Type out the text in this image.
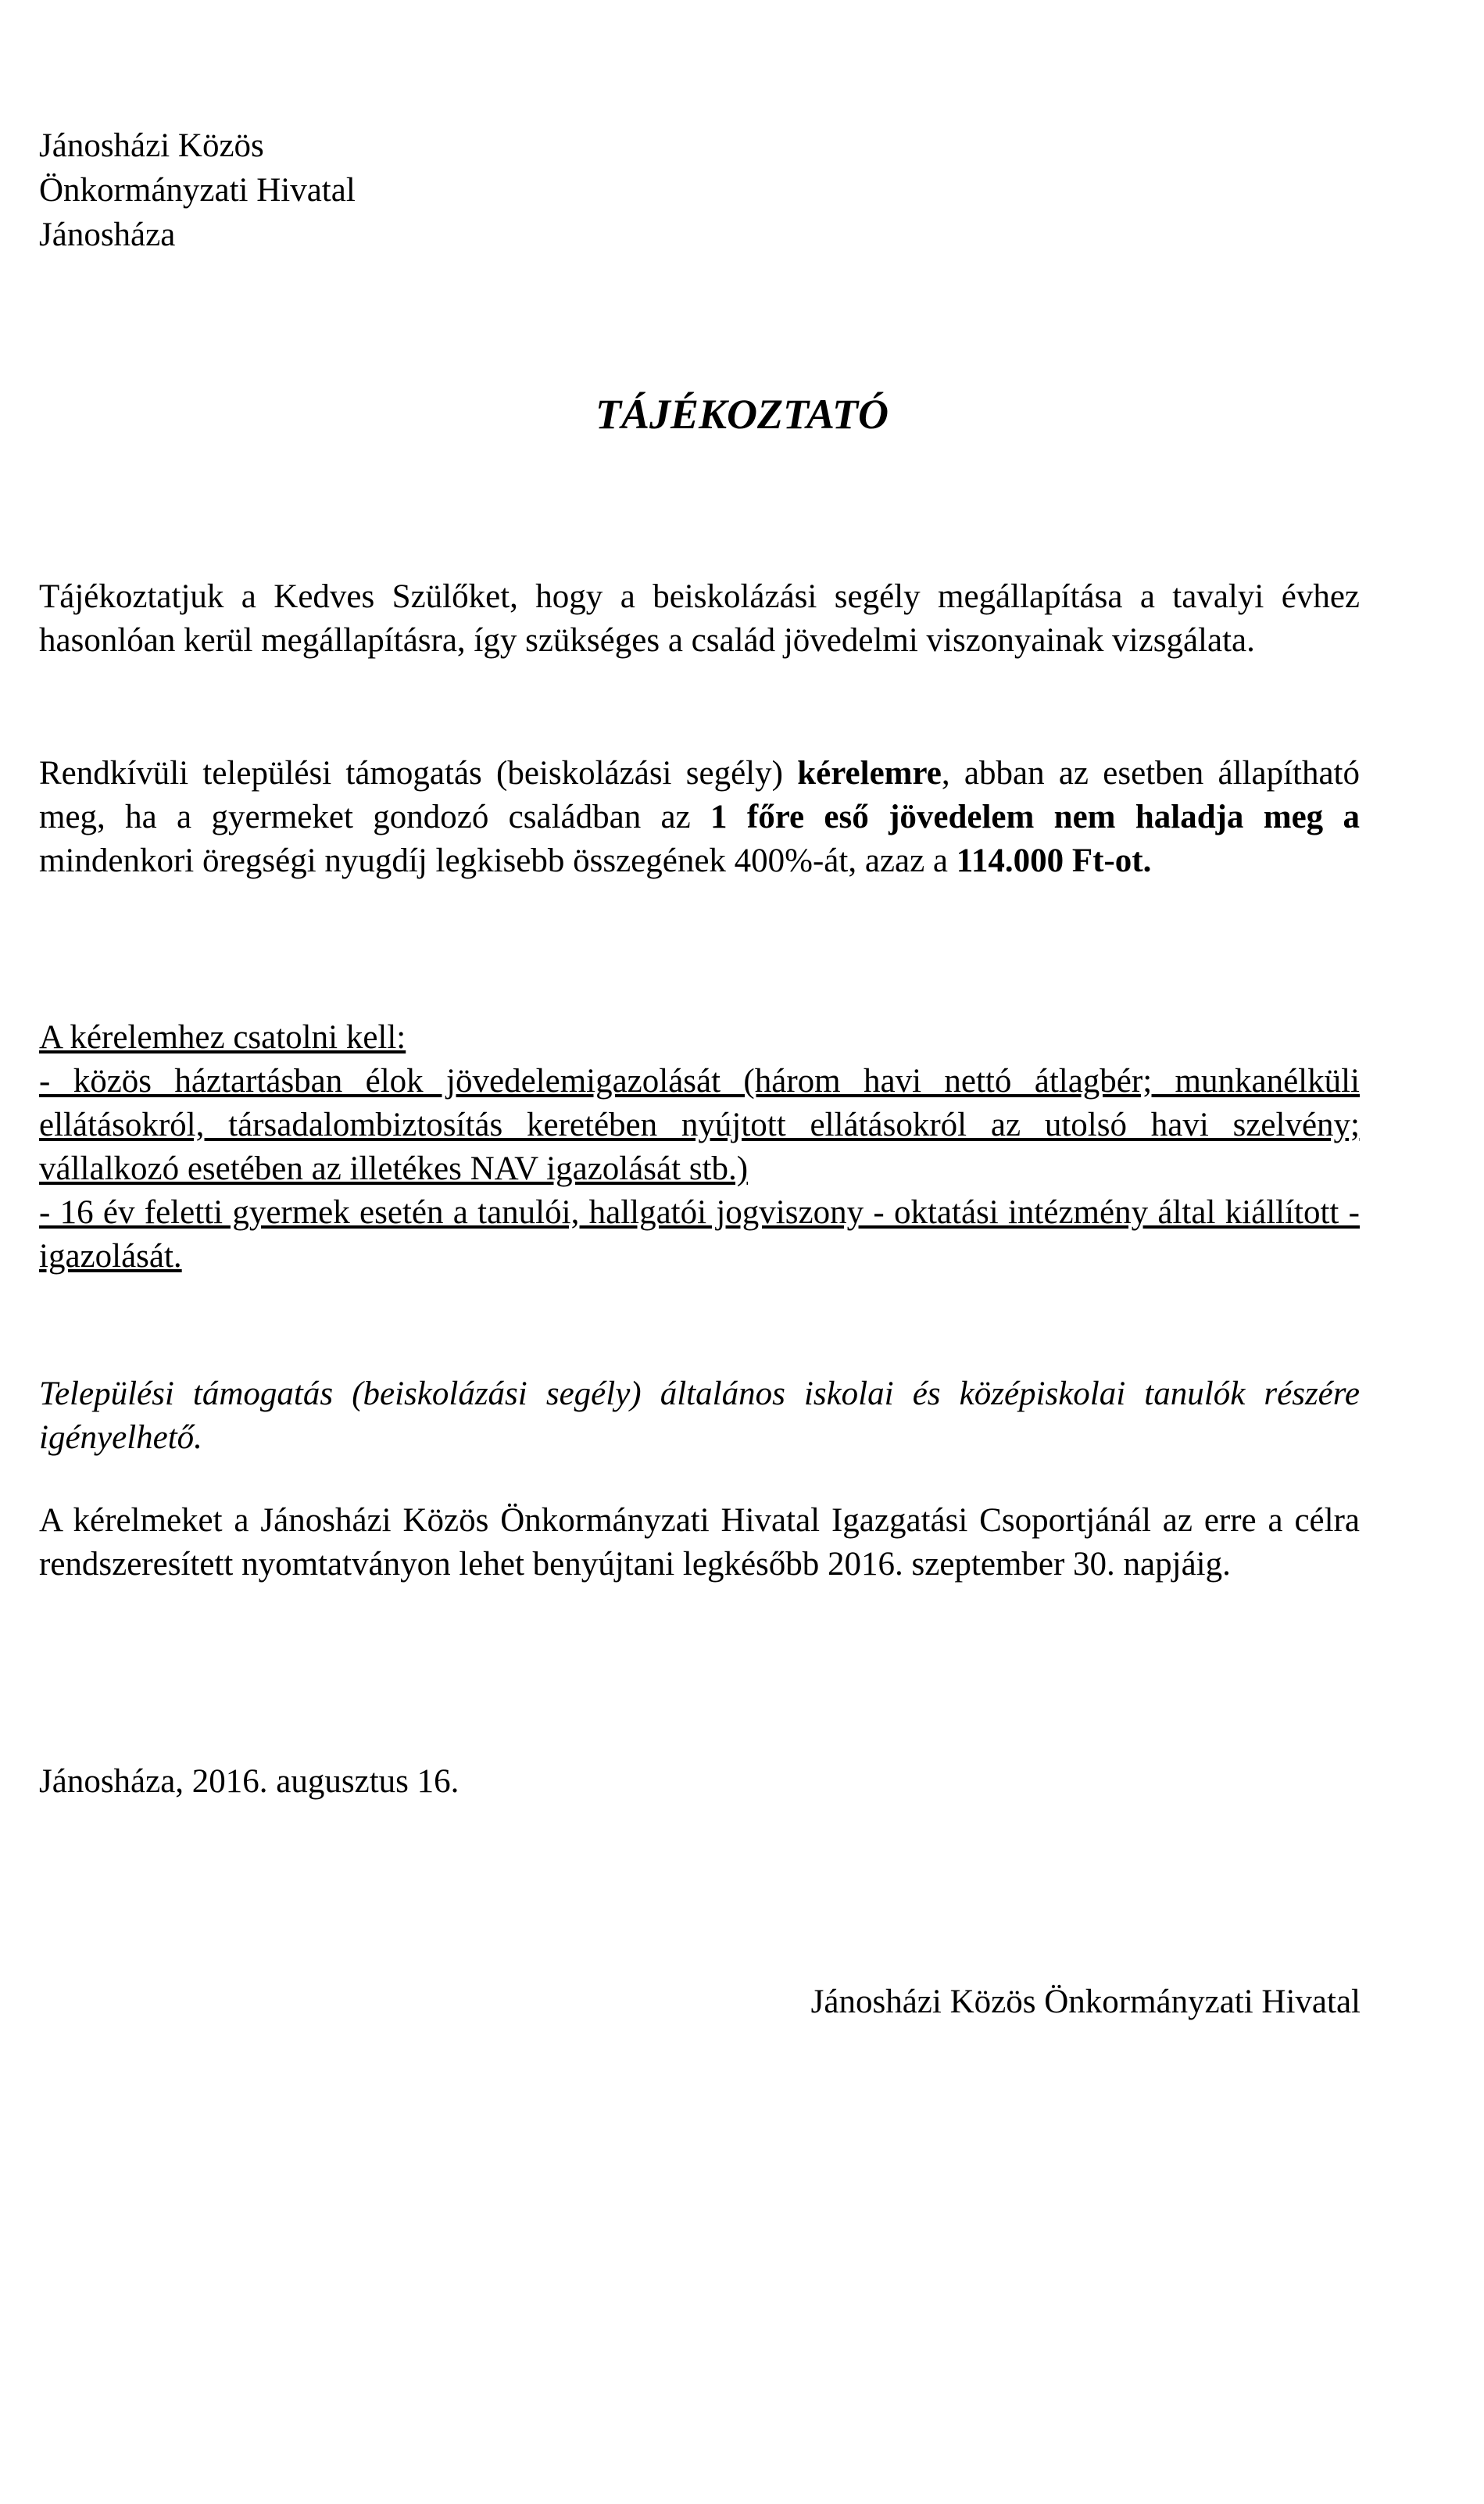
Jánosházi Közös
Önkormányzati Hivatal
Jánosháza
TÁJÉKOZTATÓ
Tájékoztatjuk a Kedves Szülőket, hogy a beiskolázási segély megállapítása a tavalyi évhez hasonlóan kerül megállapításra, így szükséges a család jövedelmi viszonyainak vizsgálata.
Rendkívüli települési támogatás (beiskolázási segély) kérelemre, abban az esetben állapítható meg, ha a gyermeket gondozó családban az 1 főre eső jövedelem nem haladja meg a mindenkori öregségi nyugdíj legkisebb összegének 400%-át, azaz a 114.000 Ft-ot.
A kérelemhez csatolni kell:
- közös háztartásban élok jövedelemigazolását (három havi nettó átlagbér; munkanélküli ellátásokról, társadalombiztosítás keretében nyújtott ellátásokról az utolsó havi szelvény; vállalkozó esetében az illetékes NAV igazolását stb.)
- 16 év feletti gyermek esetén a tanulói, hallgatói jogviszony - oktatási intézmény által kiállított - igazolását.
Települési támogatás (beiskolázási segély) általános iskolai és középiskolai tanulók részére igényelhető.
A kérelmeket a Jánosházi Közös Önkormányzati Hivatal Igazgatási Csoportjánál az erre a célra rendszeresített nyomtatványon lehet benyújtani legkésőbb 2016. szeptember 30. napjáig.
Jánosháza, 2016. augusztus 16.
Jánosházi Közös Önkormányzati Hivatal
